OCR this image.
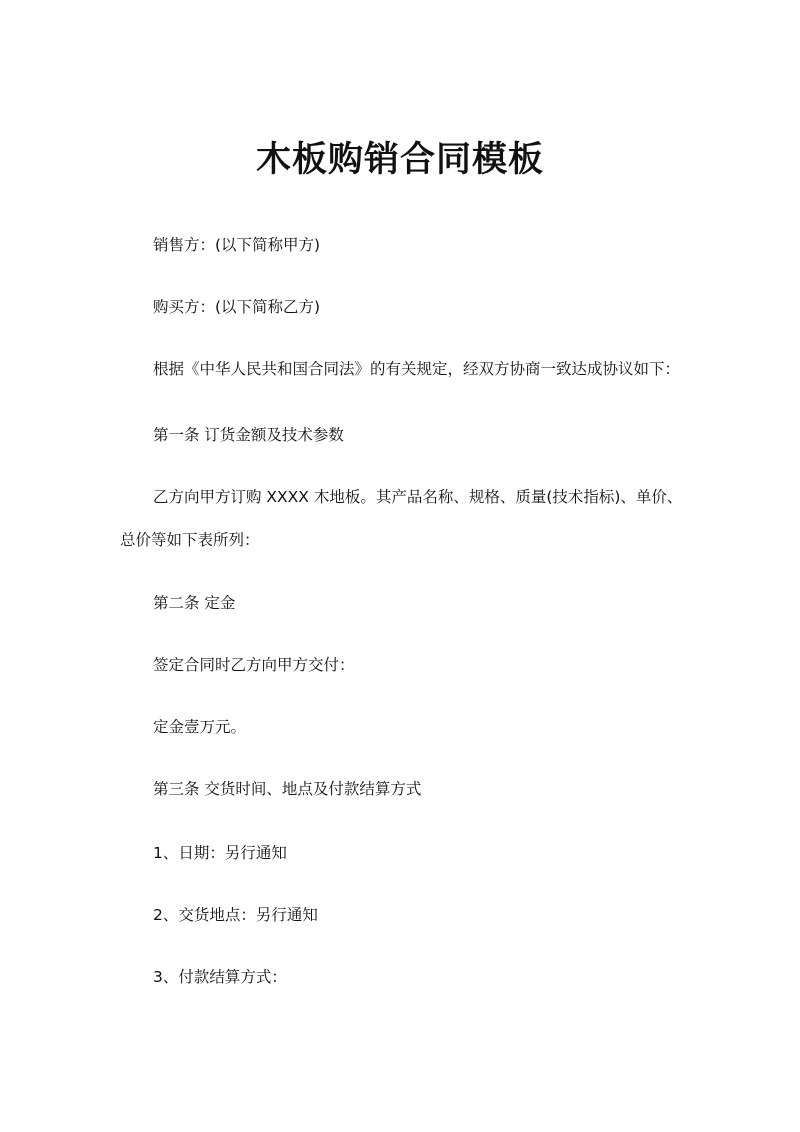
木板购销合同模板

销售方：(以下简称甲方)

购买方：(以下简称乙方)

根据《中华人民共和国合同法》的有关规定，经双方协商一致达成协议如下：

第一条 订货金额及技术参数

乙方向甲方订购 XXXX 木地板。其产品名称、规格、质量(技术指标)、单价、

总价等如下表所列：

第二条 定金

签定合同时乙方向甲方交付：

定金壹万元。

第三条 交货时间、地点及付款结算方式

1、日期：另行通知

2、交货地点：另行通知

3、付款结算方式：
